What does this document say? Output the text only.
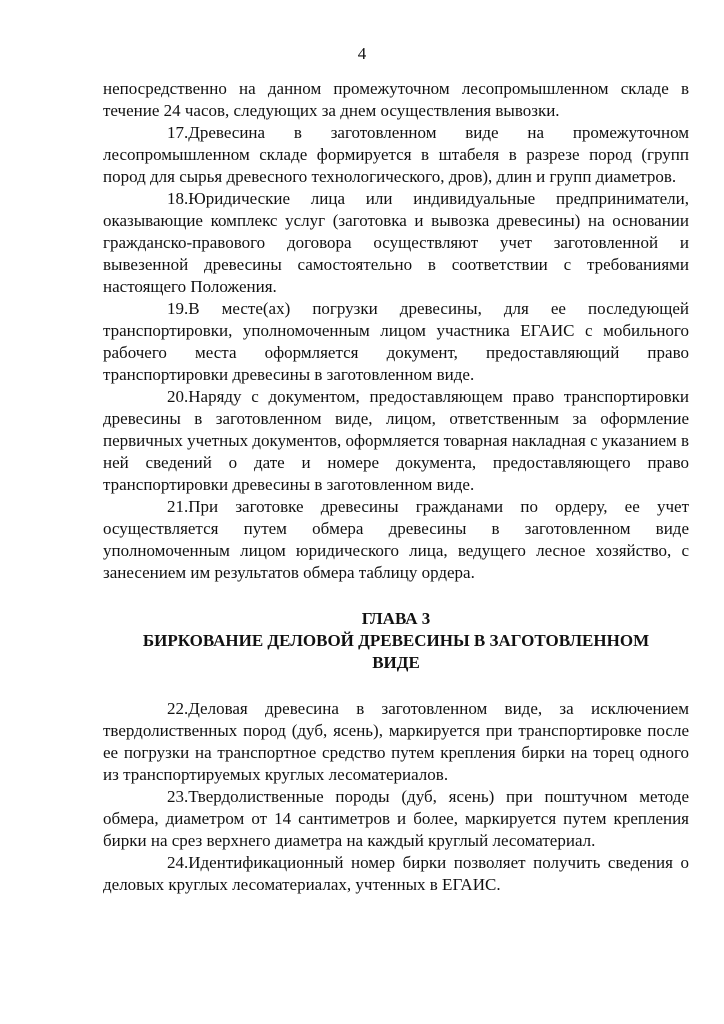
4

непосредственно на данном промежуточном лесопромышленном складе в течение 24 часов, следующих за днем осуществления вывозки.

17.Древесина в заготовленном виде на промежуточном лесопромышленном складе формируется в штабеля в разрезе пород (групп пород для сырья древесного технологического, дров), длин и групп диаметров.

18.Юридические лица или индивидуальные предприниматели, оказывающие комплекс услуг (заготовка и вывозка древесины) на основании гражданско-правового договора осуществляют учет заготовленной и вывезенной древесины самостоятельно в соответствии с требованиями настоящего Положения.

19.В месте(ах) погрузки древесины, для ее последующей транспортировки, уполномоченным лицом участника ЕГАИС с мобильного рабочего места оформляется документ, предоставляющий право транспортировки древесины в заготовленном виде.

20.Наряду с документом, предоставляющем право транспортировки древесины в заготовленном виде, лицом, ответственным за оформление первичных учетных документов, оформляется товарная накладная с указанием в ней сведений о дате и номере документа, предоставляющего право транспортировки древесины в заготовленном виде.

21.При заготовке древесины гражданами по ордеру, ее учет осуществляется путем обмера древесины в заготовленном виде уполномоченным лицом юридического лица, ведущего лесное хозяйство, с занесением им результатов обмера таблицу ордера.

ГЛАВА 3
БИРКОВАНИЕ ДЕЛОВОЙ ДРЕВЕСИНЫ В ЗАГОТОВЛЕННОМ
ВИДЕ

22.Деловая древесина в заготовленном виде, за исключением твердолиственных пород (дуб, ясень), маркируется при транспортировке после ее погрузки на транспортное средство путем крепления бирки на торец одного из транспортируемых круглых лесоматериалов.

23.Твердолиственные породы (дуб, ясень) при поштучном методе обмера, диаметром от 14 сантиметров и более, маркируется путем крепления бирки на срез верхнего диаметра на каждый круглый лесоматериал.

24.Идентификационный номер бирки позволяет получить сведения о деловых круглых лесоматериалах, учтенных в ЕГАИС.
